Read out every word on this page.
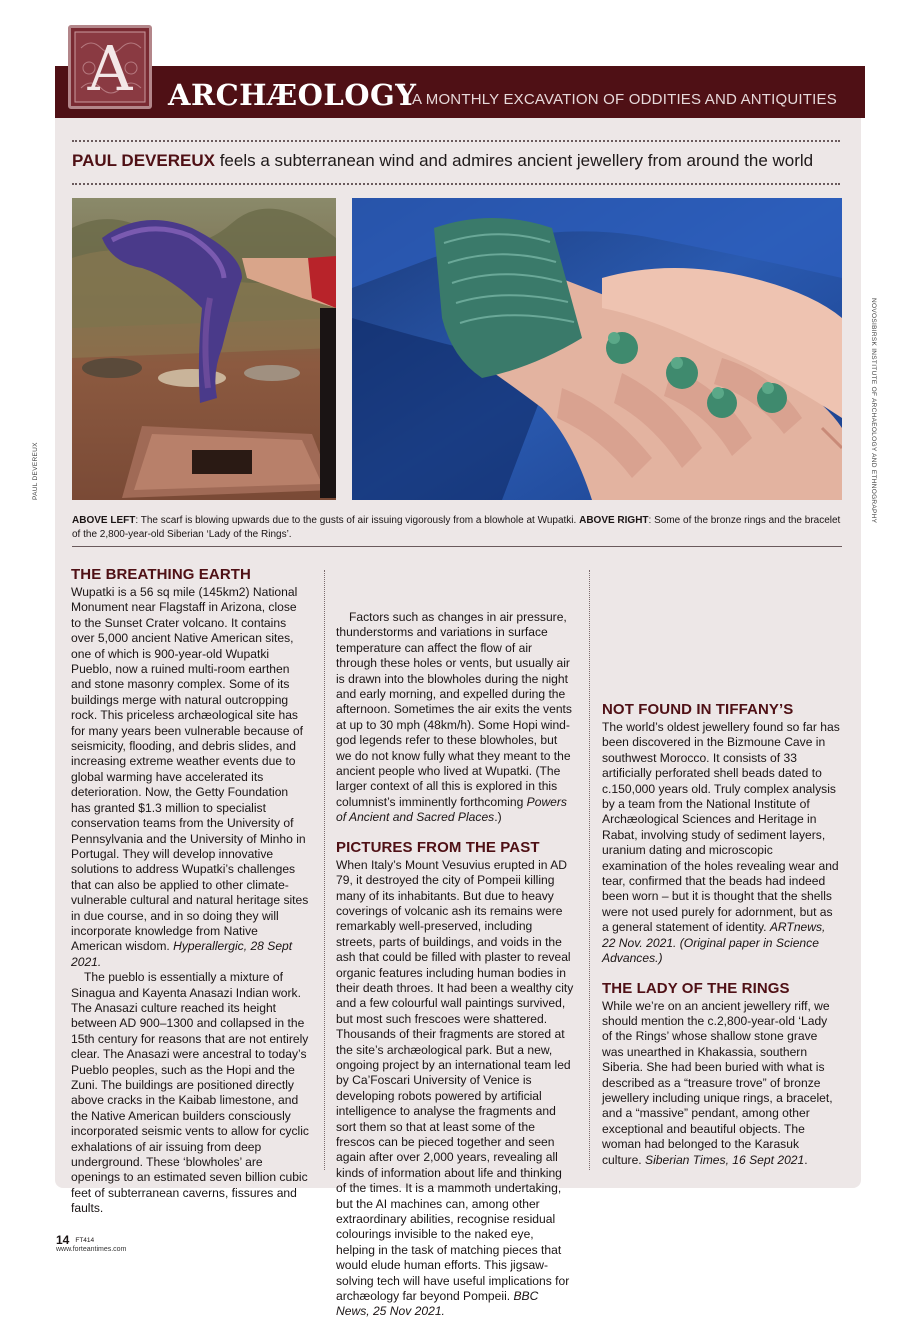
A ARCHÆOLOGY
A MONTHLY EXCAVATION OF ODDITIES AND ANTIQUITIES
PAUL DEVEREUX feels a subterranean wind and admires ancient jewellery from around the world
PAUL DEVEREUX	NOVOSIBIRSK INSTITUTE OF ARCHAEOLOGY AND ETHNOGRAPHY
ABOVE LEFT: The scarf is blowing upwards due to the gusts of air issuing vigorously from a blowhole at Wupatki. ABOVE RIGHT: Some of the bronze rings and the bracelet of the 2,800-year-old Siberian ‘Lady of the Rings’.
THE BREATHING EARTH

Wupatki is a 56 sq mile (145km2) National Monument near Flagstaff in Arizona, close to the Sunset Crater volcano. It contains over 5,000 ancient Native American sites, one of which is 900-year-old Wupatki Pueblo, now a ruined multi-room earthen and stone masonry complex. Some of its buildings merge with natural outcropping rock. This priceless archæological site has for many years been vulnerable because of seismicity, flooding, and debris slides, and increasing extreme weather events due to global warming have accelerated its deterioration. Now, the Getty Foundation has granted $1.3 million to specialist conservation teams from the University of Pennsylvania and the University of Minho in Portugal. They will develop innovative solutions to address Wupatki’s challenges that can also be applied to other climate-vulnerable cultural and natural heritage sites in due course, and in so doing they will incorporate knowledge from Native American wisdom. Hyperallergic, 28 Sept 2021.

The pueblo is essentially a mixture of Sinagua and Kayenta Anasazi Indian work. The Anasazi culture reached its height between AD 900–1300 and collapsed in the 15th century for reasons that are not entirely clear. The Anasazi were ancestral to today’s Pueblo peoples, such as the Hopi and the Zuni. The buildings are positioned directly above cracks in the Kaibab limestone, and the Native American builders consciously incorporated seismic vents to allow for cyclic exhalations of air issuing from deep underground. These ‘blowholes’ are openings to an estimated seven billion cubic feet of subterranean caverns, fissures and faults.

Factors such as changes in air pressure, thunderstorms and variations in surface temperature can affect the flow of air through these holes or vents, but usually air is drawn into the blowholes during the night and early morning, and expelled during the afternoon. Sometimes the air exits the vents at up to 30 mph (48km/h). Some Hopi wind-god legends refer to these blowholes, but we do not know fully what they meant to the ancient people who lived at Wupatki. (The larger context of all this is explored in this columnist’s imminently forthcoming Powers of Ancient and Sacred Places.)

PICTURES FROM THE PAST

When Italy’s Mount Vesuvius erupted in AD 79, it destroyed the city of Pompeii killing many of its inhabitants. But due to heavy coverings of volcanic ash its remains were remarkably well-preserved, including streets, parts of buildings, and voids in the ash that could be filled with plaster to reveal organic features including human bodies in their death throes. It had been a wealthy city and a few colourful wall paintings survived, but most such frescoes were shattered. Thousands of their fragments are stored at the site’s archæological park. But a new, ongoing project by an international team led by Ca’Foscari University of Venice is developing robots powered by artificial intelligence to analyse the fragments and sort them so that at least some of the frescos can be pieced together and seen again after over 2,000 years, revealing all kinds of information about life and thinking of the times. It is a mammoth undertaking, but the AI machines can, among other extraordinary abilities, recognise residual colourings invisible to the naked eye, helping in the task of matching pieces that would elude human efforts. This jigsaw-solving tech will have useful implications for archæology far beyond Pompeii. BBC News, 25 Nov 2021.

NOT FOUND IN TIFFANY’S

The world’s oldest jewellery found so far has been discovered in the Bizmoune Cave in southwest Morocco. It consists of 33 artificially perforated shell beads dated to c.150,000 years old. Truly complex analysis by a team from the National Institute of Archæological Sciences and Heritage in Rabat, involving study of sediment layers, uranium dating and microscopic examination of the holes revealing wear and tear, confirmed that the beads had indeed been worn – but it is thought that the shells were not used purely for adornment, but as a general statement of identity. ARTnews, 22 Nov. 2021. (Original paper in Science Advances.)

THE LADY OF THE RINGS

While we’re on an ancient jewellery riff, we should mention the c.2,800-year-old ‘Lady of the Rings’ whose shallow stone grave was unearthed in Khakassia, southern Siberia. She had been buried with what is described as a “treasure trove” of bronze jewellery including unique rings, a bracelet, and a “massive” pendant, among other exceptional and beautiful objects. The woman had belonged to the Karasuk culture. Siberian Times, 16 Sept 2021.

14 FT414
www.forteantimes.com
